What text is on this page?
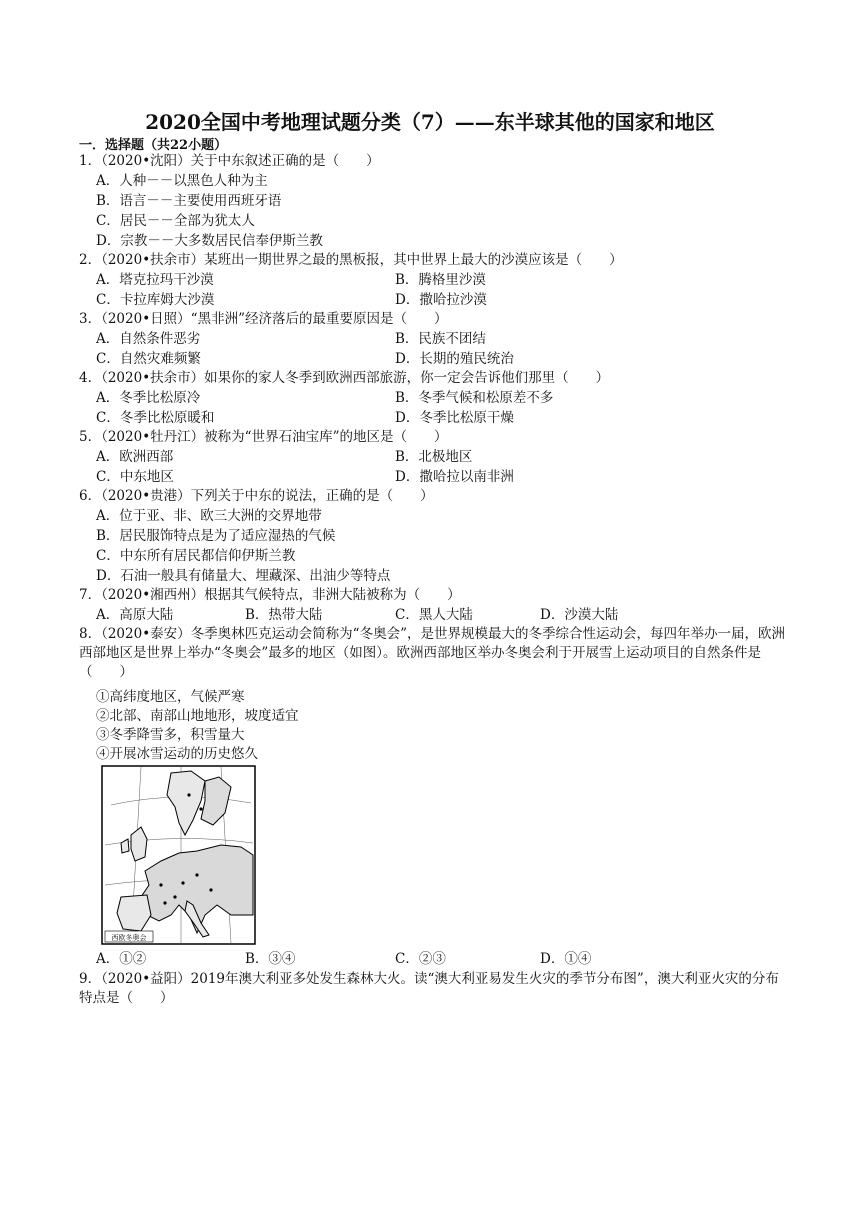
2020全国中考地理试题分类（7）——东半球其他的国家和地区
一．选择题（共22小题）
1．（2020•沈阳）关于中东叙述正确的是（　　）
A．人种－－以黑色人种为主
B．语言－－主要使用西班牙语
C．居民－－全部为犹太人
D．宗教－－大多数居民信奉伊斯兰教
2．（2020•扶余市）某班出一期世界之最的黑板报，其中世界上最大的沙漠应该是（　　）
A．塔克拉玛干沙漠	B．腾格里沙漠
C．卡拉库姆大沙漠	D．撒哈拉沙漠
3．（2020•日照）“黑非洲”经济落后的最重要原因是（　　）
A．自然条件恶劣	B．民族不团结
C．自然灾难频繁	D．长期的殖民统治
4．（2020•扶余市）如果你的家人冬季到欧洲西部旅游，你一定会告诉他们那里（　　）
A．冬季比松原冷	B．冬季气候和松原差不多
C．冬季比松原暖和	D．冬季比松原干燥
5．（2020•牡丹江）被称为“世界石油宝库”的地区是（　　）
A．欧洲西部	B．北极地区
C．中东地区	D．撒哈拉以南非洲
6．（2020•贵港）下列关于中东的说法，正确的是（　　）
A．位于亚、非、欧三大洲的交界地带
B．居民服饰特点是为了适应湿热的气候
C．中东所有居民都信仰伊斯兰教
D．石油一般具有储量大、埋藏深、出油少等特点
7．（2020•湘西州）根据其气候特点，非洲大陆被称为（　　）
A．高原大陆	B．热带大陆	C．黑人大陆	D．沙漠大陆
8．（2020•泰安）冬季奥林匹克运动会简称为“冬奥会”，是世界规模最大的冬季综合性运动会，每四年举办一届，欧洲西部地区是世界上举办“冬奥会”最多的地区（如图）。欧洲西部地区举办冬奥会利于开展雪上运动项目的自然条件是（　　）
①高纬度地区，气候严寒
②北部、南部山地地形，坡度适宜
③冬季降雪多，积雪量大
④开展冰雪运动的历史悠久
西欧冬奥会
A．①②	B．③④	C．②③	D．①④
9．（2020•益阳）2019年澳大利亚多处发生森林大火。读“澳大利亚易发生火灾的季节分布图”，澳大利亚火灾的分布特点是（　　）
